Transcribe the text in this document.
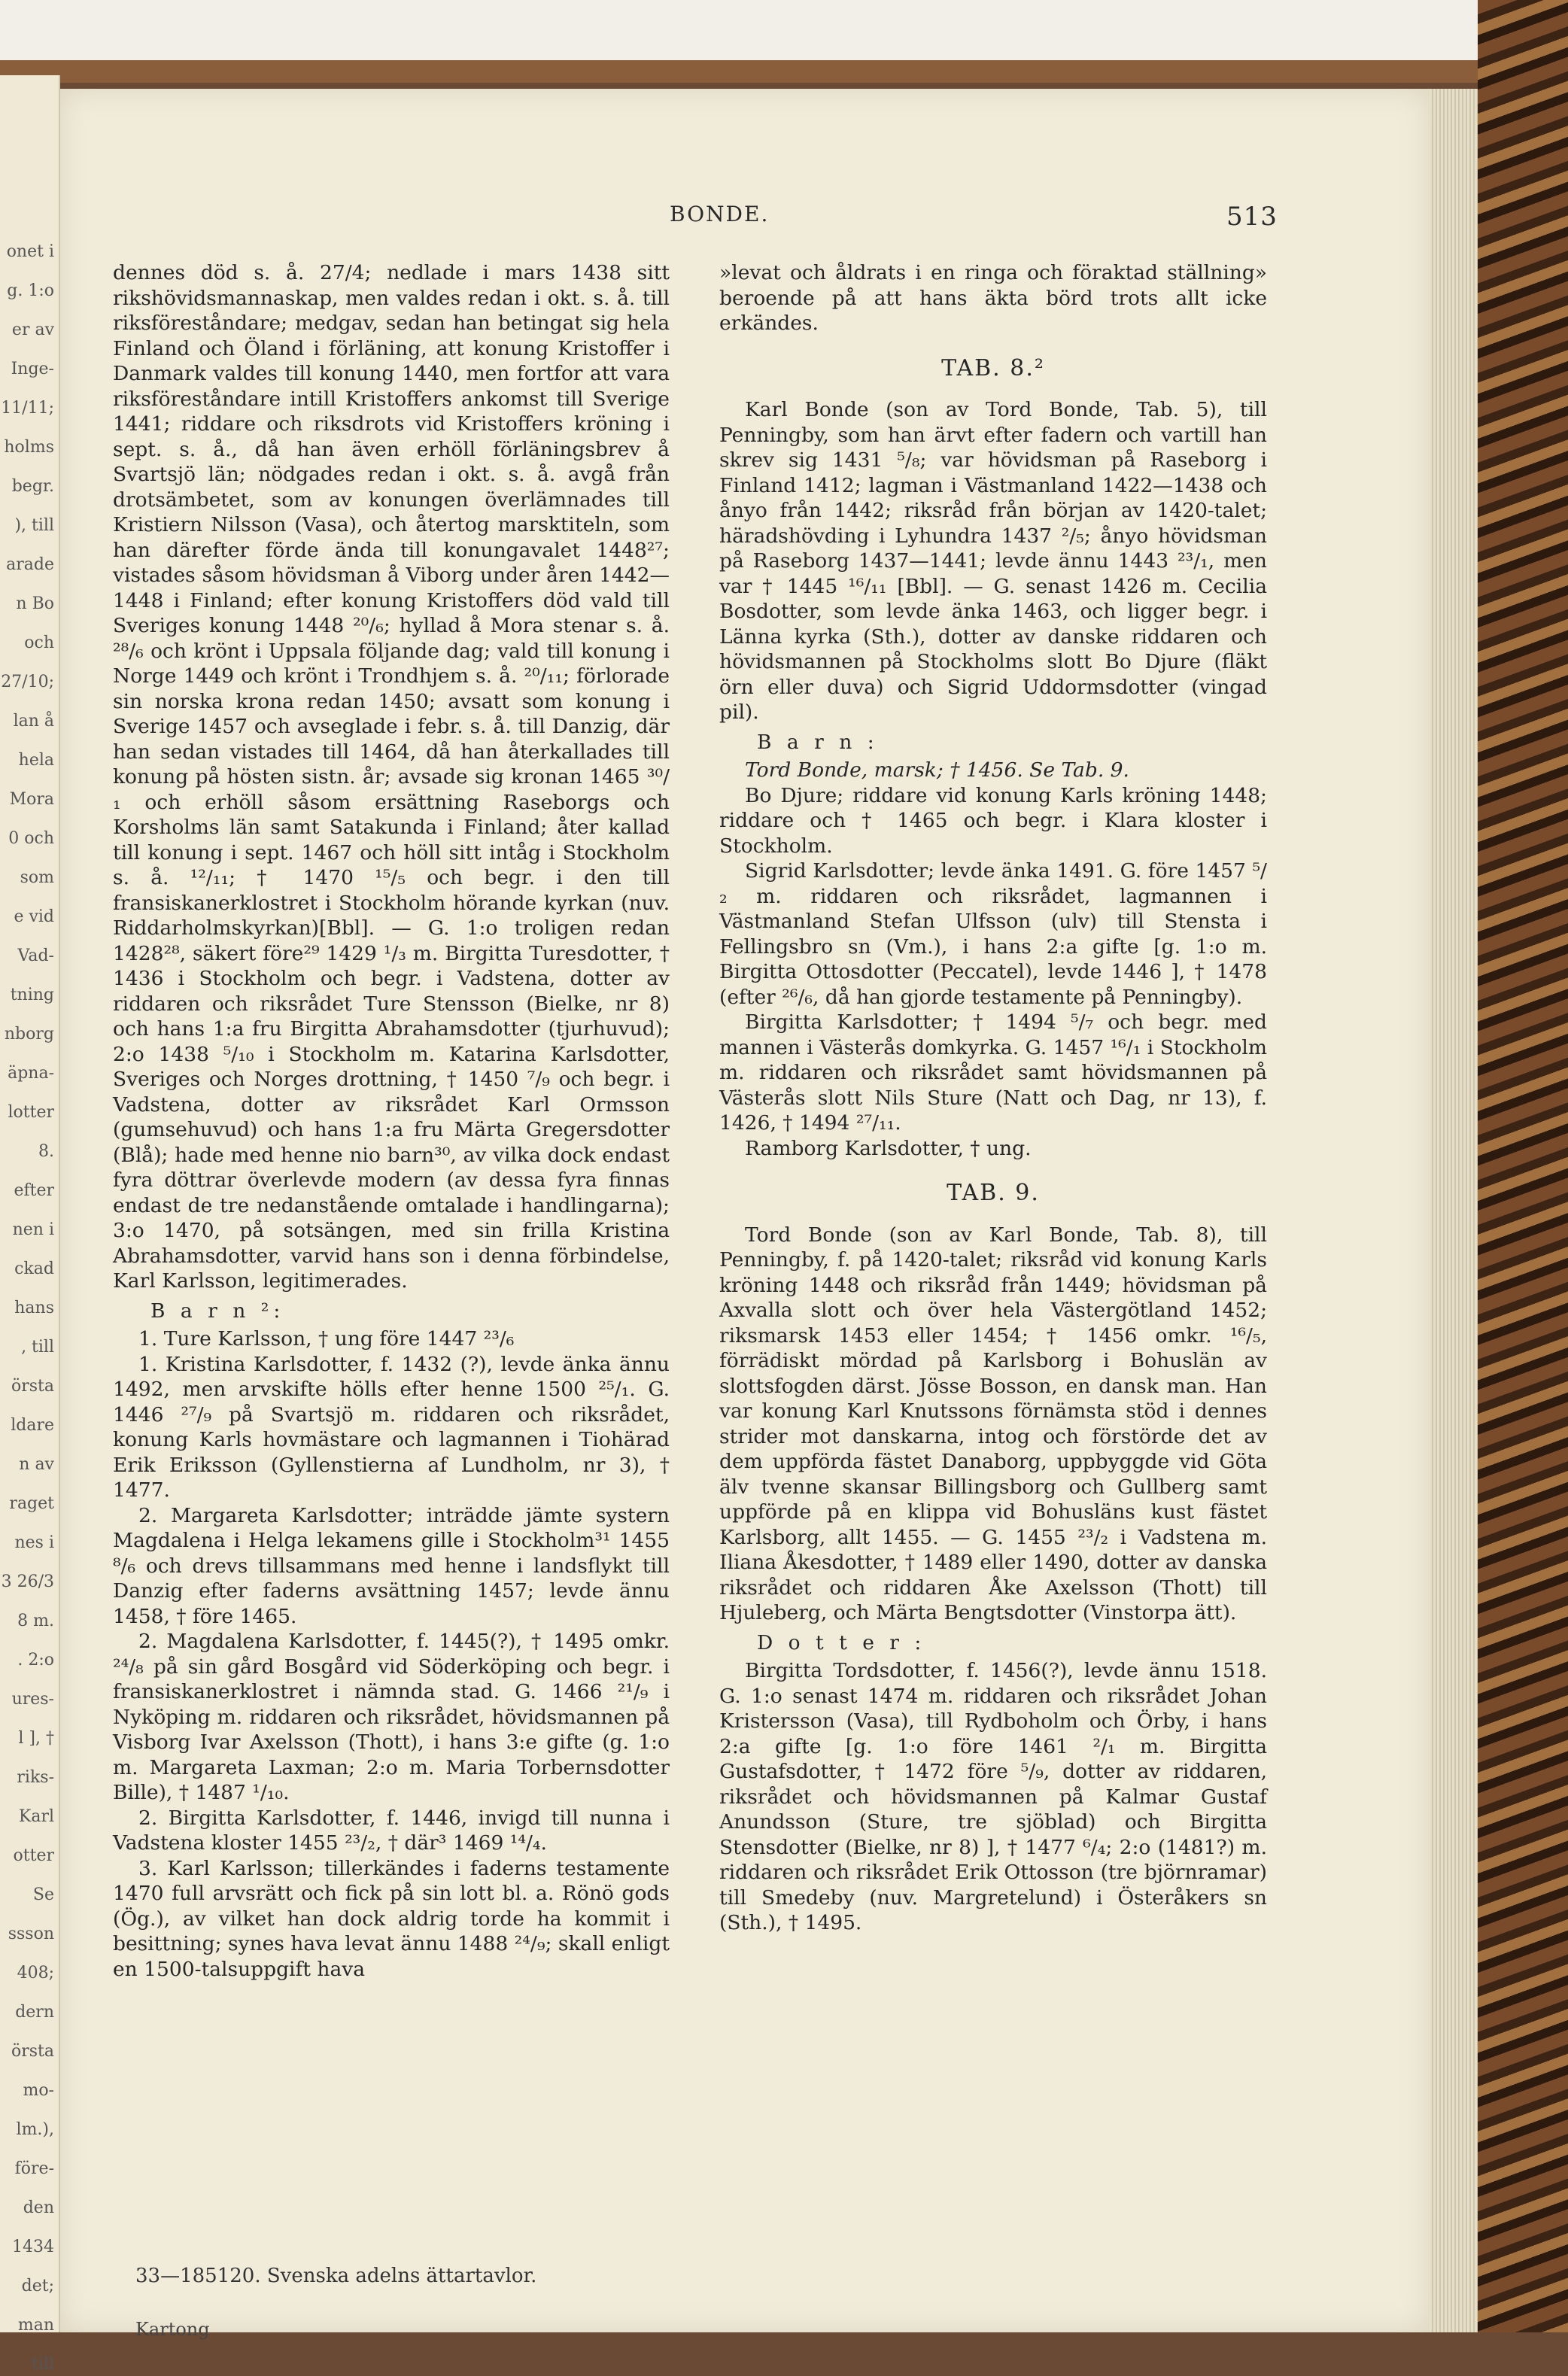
onet i
g. 1:o
er av
Inge-
11/11;
holms
begr.
), till
arade
n Bo
och
27/10;
lan å
hela
Mora
0 och
som
e vid
Vad-
tning
nborg
äpna-
lotter
8.
efter
nen i
ckad
hans
, till
örsta
ldare
n av
raget
nes i
3 26/3
8 m.
. 2:o
ures-
l ], †
riks-
Karl
otter
Se
ssson
408;
dern
örsta
mo-
lm.),
före-
den
1434
det;
man
till
BONDE.	513

dennes död s. å. 27/4; nedlade i mars 1438 sitt rikshövidsmannaskap, men valdes redan i okt. s. å. till riksföreståndare; medgav, sedan han betingat sig hela Finland och Öland i förläning, att konung Kristoffer i Danmark valdes till konung 1440, men fortfor att vara riksföreståndare intill Kristoffers ankomst till Sverige 1441; riddare och riksdrots vid Kristoffers kröning i sept. s. å., då han även erhöll förläningsbrev å Svartsjö län; nödgades redan i okt. s. å. avgå från drotsämbetet, som av konungen överlämnades till Kristiern Nilsson (Vasa), och återtog marsktiteln, som han därefter förde ända till konungavalet 1448²⁷; vistades såsom hövidsman å Viborg under åren 1442—1448 i Finland; efter konung Kristoffers död vald till Sveriges konung 1448 ²⁰/₆; hyllad å Mora stenar s. å. ²⁸/₆ och krönt i Uppsala följande dag; vald till konung i Norge 1449 och krönt i Trondhjem s. å. ²⁰/₁₁; förlorade sin norska krona redan 1450; avsatt som konung i Sverige 1457 och avseglade i febr. s. å. till Danzig, där han sedan vistades till 1464, då han återkallades till konung på hösten sistn. år; avsade sig kronan 1465 ³⁰/₁ och erhöll såsom ersättning Raseborgs och Korsholms län samt Satakunda i Finland; åter kallad till konung i sept. 1467 och höll sitt intåg i Stockholm s. å. ¹²/₁₁; † 1470 ¹⁵/₅ och begr. i den till fransiskanerklostret i Stockholm hörande kyrkan (nuv. Riddarholmskyrkan)[Bbl]. — G. 1:o troligen redan 1428²⁸, säkert före²⁹ 1429 ¹/₃ m. Birgitta Turesdotter, † 1436 i Stockholm och begr. i Vadstena, dotter av riddaren och riksrådet Ture Stensson (Bielke, nr 8) och hans 1:a fru Birgitta Abrahamsdotter (tjurhuvud); 2:o 1438 ⁵/₁₀ i Stockholm m. Katarina Karlsdotter, Sveriges och Norges drottning, † 1450 ⁷/₉ och begr. i Vadstena, dotter av riksrådet Karl Ormsson (gumsehuvud) och hans 1:a fru Märta Gregersdotter (Blå); hade med henne nio barn³⁰, av vilka dock endast fyra döttrar överlevde modern (av dessa fyra finnas endast de tre nedanstående omtalade i handlingarna); 3:o 1470, på sotsängen, med sin frilla Kristina Abrahamsdotter, varvid hans son i denna förbindelse, Karl Karlsson, legitimerades.

B a r n ²:

1. Ture Karlsson, † ung före 1447 ²³/₆

1. Kristina Karlsdotter, f. 1432 (?), levde änka ännu 1492, men arvskifte hölls efter henne 1500 ²⁵/₁. G. 1446 ²⁷/₉ på Svartsjö m. riddaren och riksrådet, konung Karls hovmästare och lagmannen i Tiohärad Erik Eriksson (Gyllenstierna af Lundholm, nr 3), † 1477.

2. Margareta Karlsdotter; inträdde jämte systern Magdalena i Helga lekamens gille i Stockholm³¹ 1455 ⁸/₆ och drevs tillsammans med henne i landsflykt till Danzig efter faderns avsättning 1457; levde ännu 1458, † före 1465.

2. Magdalena Karlsdotter, f. 1445(?), † 1495 omkr. ²⁴/₈ på sin gård Bosgård vid Söderköping och begr. i fransiskanerklostret i nämnda stad. G. 1466 ²¹/₉ i Nyköping m. riddaren och riksrådet, hövidsmannen på Visborg Ivar Axelsson (Thott), i hans 3:e gifte (g. 1:o m. Margareta Laxman; 2:o m. Maria Torbernsdotter Bille), † 1487 ¹/₁₀.

2. Birgitta Karlsdotter, f. 1446, invigd till nunna i Vadstena kloster 1455 ²³/₂, † där³ 1469 ¹⁴/₄.

3. Karl Karlsson; tillerkändes i faderns testamente 1470 full arvsrätt och fick på sin lott bl. a. Rönö gods (Ög.), av vilket han dock aldrig torde ha kommit i besittning; synes hava levat ännu 1488 ²⁴/₉; skall enligt en 1500-talsuppgift hava

»levat och åldrats i en ringa och föraktad ställning» beroende på att hans äkta börd trots allt icke erkändes.

TAB. 8.²

Karl Bonde (son av Tord Bonde, Tab. 5), till Penningby, som han ärvt efter fadern och vartill han skrev sig 1431 ⁵/₈; var hövidsman på Raseborg i Finland 1412; lagman i Västmanland 1422—1438 och ånyo från 1442; riksråd från början av 1420-talet; häradshövding i Lyhundra 1437 ²/₅; ånyo hövidsman på Raseborg 1437—1441; levde ännu 1443 ²³/₁, men var † 1445 ¹⁶/₁₁ [Bbl]. — G. senast 1426 m. Cecilia Bosdotter, som levde änka 1463, och ligger begr. i Länna kyrka (Sth.), dotter av danske riddaren och hövidsmannen på Stockholms slott Bo Djure (fläkt örn eller duva) och Sigrid Uddormsdotter (vingad pil).

B a r n :

Tord Bonde, marsk; † 1456. Se Tab. 9.

Bo Djure; riddare vid konung Karls kröning 1448; riddare och † 1465 och begr. i Klara kloster i Stockholm.

Sigrid Karlsdotter; levde änka 1491. G. före 1457 ⁵/₂ m. riddaren och riksrådet, lagmannen i Västmanland Stefan Ulfsson (ulv) till Stensta i Fellingsbro sn (Vm.), i hans 2:a gifte [g. 1:o m. Birgitta Ottosdotter (Peccatel), levde 1446 ], † 1478 (efter ²⁶/₆, då han gjorde testamente på Penningby).

Birgitta Karlsdotter; † 1494 ⁵/₇ och begr. med mannen i Västerås domkyrka. G. 1457 ¹⁶/₁ i Stockholm m. riddaren och riksrådet samt hövidsmannen på Västerås slott Nils Sture (Natt och Dag, nr 13), f. 1426, † 1494 ²⁷/₁₁.

Ramborg Karlsdotter, † ung.

TAB. 9.

Tord Bonde (son av Karl Bonde, Tab. 8), till Penningby, f. på 1420-talet; riksråd vid konung Karls kröning 1448 och riksråd från 1449; hövidsman på Axvalla slott och över hela Västergötland 1452; riksmarsk 1453 eller 1454; † 1456 omkr. ¹⁶/₅, förrädiskt mördad på Karlsborg i Bohuslän av slottsfogden därst. Jösse Bosson, en dansk man. Han var konung Karl Knutssons förnämsta stöd i dennes strider mot danskarna, intog och förstörde det av dem uppförda fästet Danaborg, uppbyggde vid Göta älv tvenne skansar Billingsborg och Gullberg samt uppförde på en klippa vid Bohusläns kust fästet Karlsborg, allt 1455. — G. 1455 ²³/₂ i Vadstena m. Iliana Åkesdotter, † 1489 eller 1490, dotter av danska riksrådet och riddaren Åke Axelsson (Thott) till Hjuleberg, och Märta Bengtsdotter (Vinstorpa ätt).

D o t t e r :

Birgitta Tordsdotter, f. 1456(?), levde ännu 1518. G. 1:o senast 1474 m. riddaren och riksrådet Johan Kristersson (Vasa), till Rydboholm och Örby, i hans 2:a gifte [g. 1:o före 1461 ²/₁ m. Birgitta Gustafsdotter, † 1472 före ⁵/₉, dotter av riddaren, riksrådet och hövidsmannen på Kalmar Gustaf Anundsson (Sture, tre sjöblad) och Birgitta Stensdotter (Bielke, nr 8) ], † 1477 ⁶/₄; 2:o (1481?) m. riddaren och riksrådet Erik Ottosson (tre björnramar) till Smedeby (nuv. Margretelund) i Österåkers sn (Sth.), † 1495.

33—185120. Svenska adelns ättartavlor.
Kartong
